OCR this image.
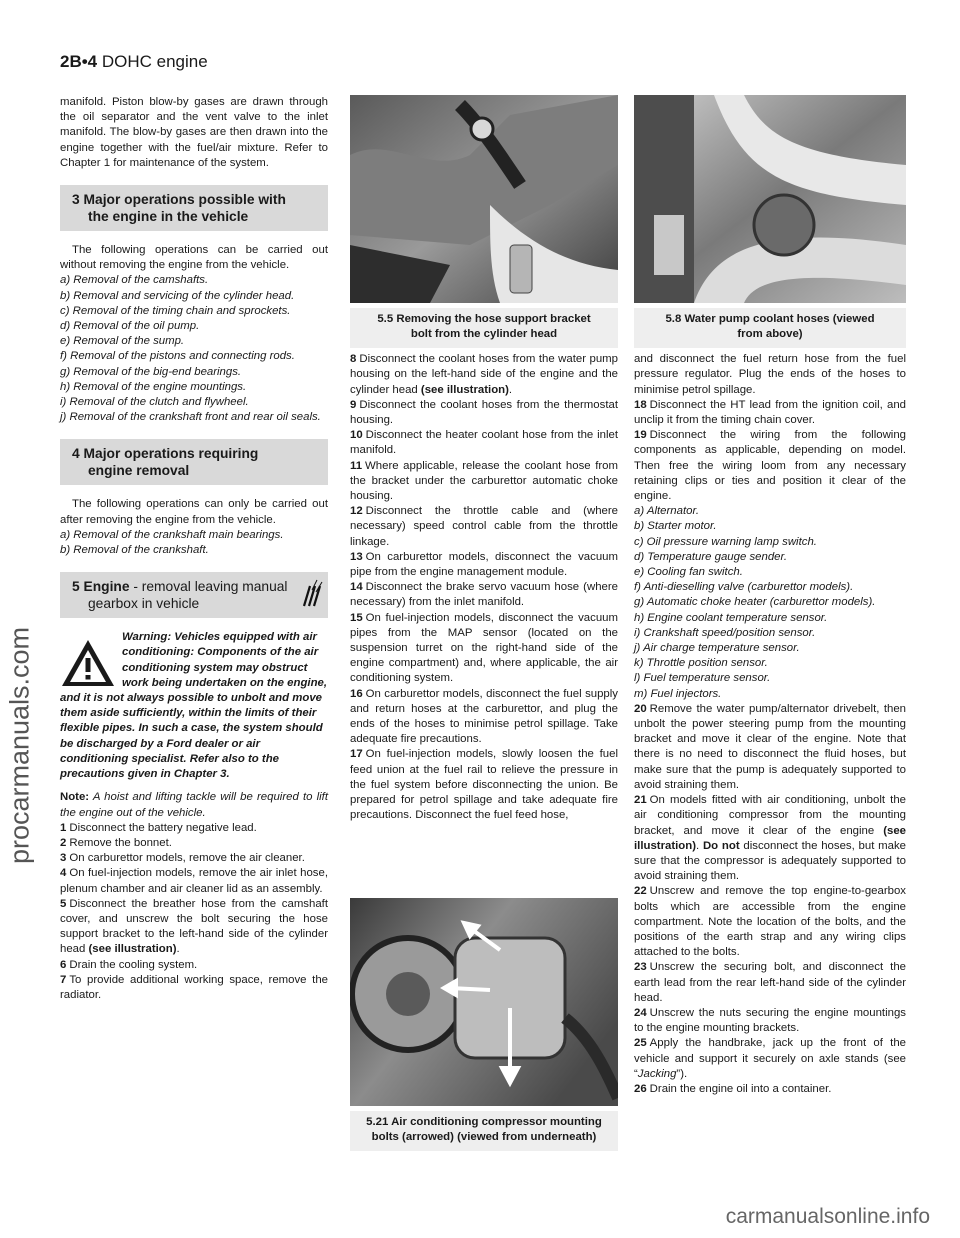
2B•4 DOHC engine

manifold. Piston blow-by gases are drawn through the oil separator and the vent valve to the inlet manifold. The blow-by gases are then drawn into the engine together with the fuel/air mixture. Refer to Chapter 1 for maintenance of the system.

3 Major operations possible with
the engine in the vehicle

The following operations can be carried out without removing the engine from the vehicle.

a) Removal of the camshafts.

b) Removal and servicing of the cylinder head.

c) Removal of the timing chain and sprockets.

d) Removal of the oil pump.

e) Removal of the sump.

f) Removal of the pistons and connecting rods.

g) Removal of the big-end bearings.

h) Removal of the engine mountings.

i) Removal of the clutch and flywheel.

j) Removal of the crankshaft front and rear oil seals.

4 Major operations requiring
engine removal

The following operations can only be carried out after removing the engine from the vehicle.

a) Removal of the crankshaft main bearings.

b) Removal of the crankshaft.

5 Engine - removal leaving manual
gearbox in vehicle
Warning: Vehicles equipped with air conditioning: Components of the air conditioning system may obstruct work being undertaken on the engine, and it is not always possible to unbolt and move them aside sufficiently, within the limits of their flexible pipes. In such a case, the system should be discharged by a Ford dealer or air conditioning specialist. Refer also to the precautions given in Chapter 3.

Note: A hoist and lifting tackle will be required to lift the engine out of the vehicle.

1 Disconnect the battery negative lead.

2 Remove the bonnet.

3 On carburettor models, remove the air cleaner.

4 On fuel-injection models, remove the air inlet hose, plenum chamber and air cleaner lid as an assembly.

5 Disconnect the breather hose from the camshaft cover, and unscrew the bolt securing the hose support bracket to the left-hand side of the cylinder head (see illustration).

6 Drain the cooling system.

7 To provide additional working space, remove the radiator.

5.5 Removing the hose support bracket
bolt from the cylinder head

8 Disconnect the coolant hoses from the water pump housing on the left-hand side of the engine and the cylinder head (see illustration).

9 Disconnect the coolant hoses from the thermostat housing.

10 Disconnect the heater coolant hose from the inlet manifold.

11 Where applicable, release the coolant hose from the bracket under the carburettor automatic choke housing.

12 Disconnect the throttle cable and (where necessary) speed control cable from the throttle linkage.

13 On carburettor models, disconnect the vacuum pipe from the engine management module.

14 Disconnect the brake servo vacuum hose (where necessary) from the inlet manifold.

15 On fuel-injection models, disconnect the vacuum pipes from the MAP sensor (located on the suspension turret on the right-hand side of the engine compartment) and, where applicable, the air conditioning system.

16 On carburettor models, disconnect the fuel supply and return hoses at the carburettor, and plug the ends of the hoses to minimise petrol spillage. Take adequate fire precautions.

17 On fuel-injection models, slowly loosen the fuel feed union at the fuel rail to relieve the pressure in the fuel system before disconnecting the union. Be prepared for petrol spillage and take adequate fire precautions. Disconnect the fuel feed hose,

5.21 Air conditioning compressor mounting
bolts (arrowed) (viewed from underneath)
5.8 Water pump coolant hoses (viewed
from above)

and disconnect the fuel return hose from the fuel pressure regulator. Plug the ends of the hoses to minimise petrol spillage.

18 Disconnect the HT lead from the ignition coil, and unclip it from the timing chain cover.

19 Disconnect the wiring from the following components as applicable, depending on model. Then free the wiring loom from any necessary retaining clips or ties and position it clear of the engine.

a) Alternator.

b) Starter motor.

c) Oil pressure warning lamp switch.

d) Temperature gauge sender.

e) Cooling fan switch.

f) Anti-dieselling valve (carburettor models).

g) Automatic choke heater (carburettor models).

h) Engine coolant temperature sensor.

i) Crankshaft speed/position sensor.

j) Air charge temperature sensor.

k) Throttle position sensor.

l) Fuel temperature sensor.

m) Fuel injectors.

20 Remove the water pump/alternator drivebelt, then unbolt the power steering pump from the mounting bracket and move it clear of the engine. Note that there is no need to disconnect the fluid hoses, but make sure that the pump is adequately supported to avoid straining them.

21 On models fitted with air conditioning, unbolt the air conditioning compressor from the mounting bracket, and move it clear of the engine (see illustration). Do not disconnect the hoses, but make sure that the compressor is adequately supported to avoid straining them.

22 Unscrew and remove the top engine-to-gearbox bolts which are accessible from the engine compartment. Note the location of the bolts, and the positions of the earth strap and any wiring clips attached to the bolts.

23 Unscrew the securing bolt, and disconnect the earth lead from the rear left-hand side of the cylinder head.

24 Unscrew the nuts securing the engine mountings to the engine mounting brackets.

25 Apply the handbrake, jack up the front of the vehicle and support it securely on axle stands (see “Jacking”).

26 Drain the engine oil into a container.

procarmanuals.com
carmanualsonline.info
